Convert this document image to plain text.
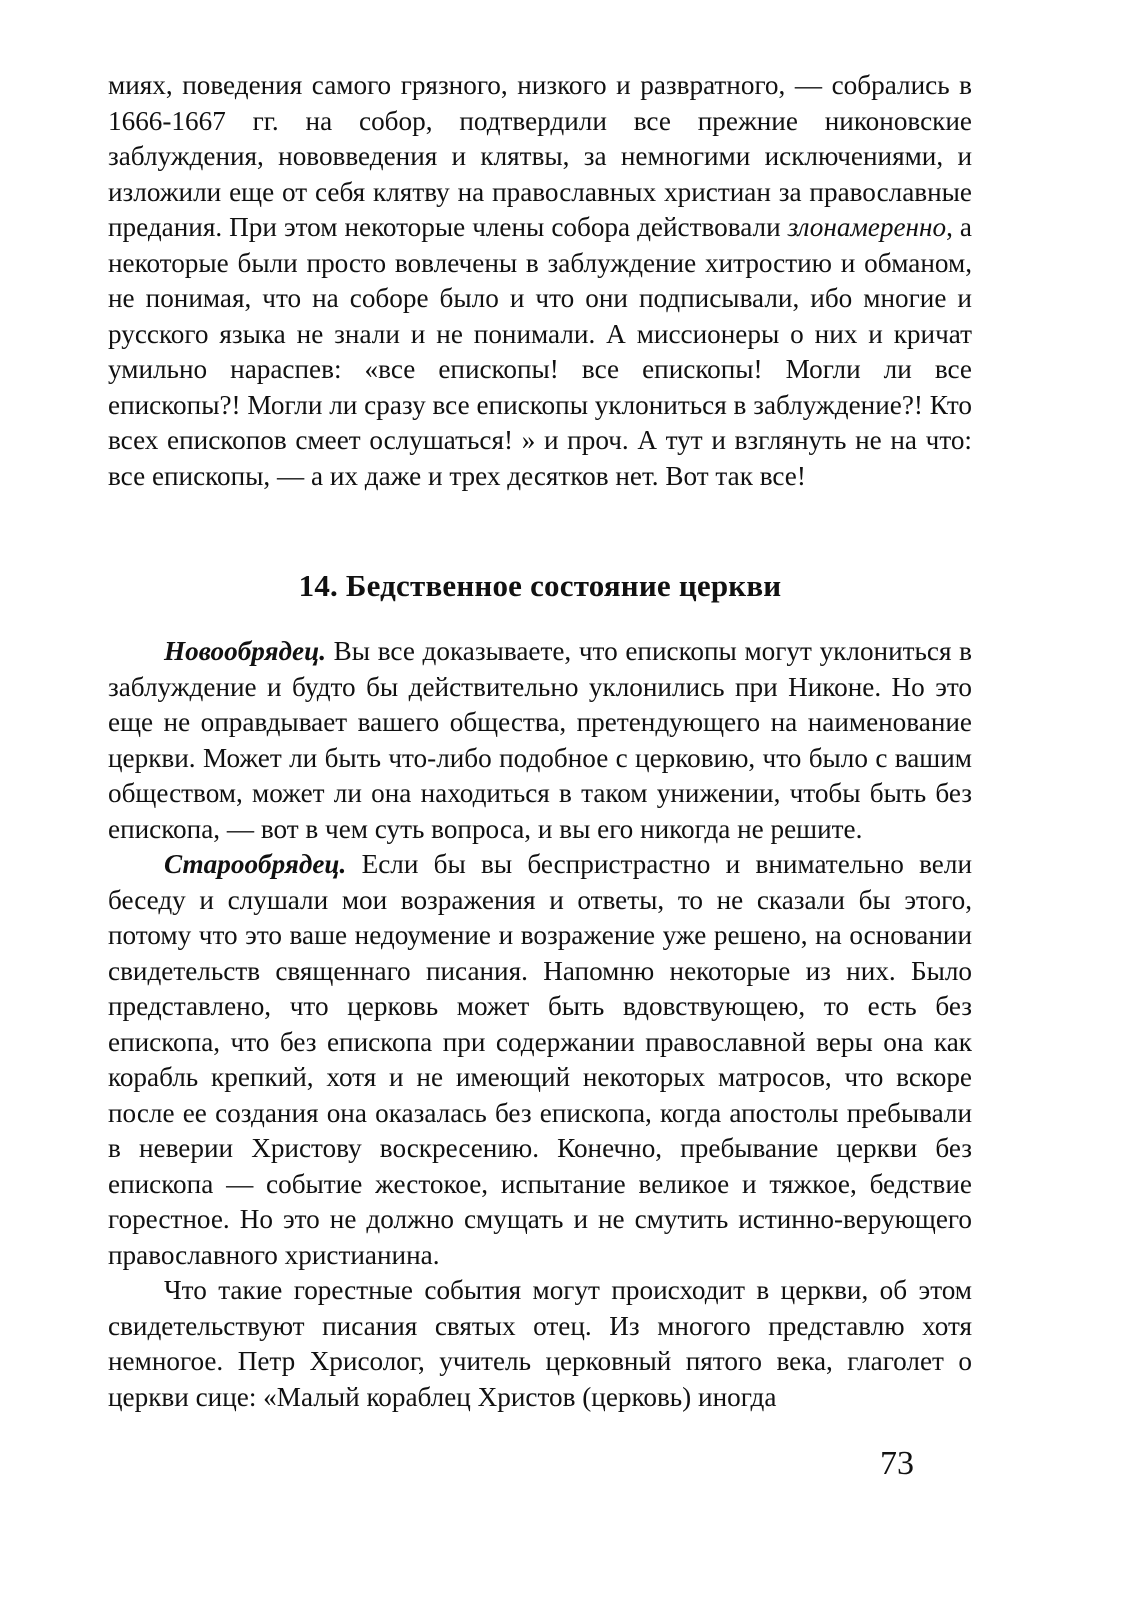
миях, поведения самого грязного, низкого и развратного, — собрались в 1666-1667 гг. на собор, подтвердили все прежние никоновские заблуждения, нововведения и клятвы, за немногими исключениями, и изложили еще от себя клятву на православных христиан за православные предания. При этом некоторые члены собора действовали злонамеренно, а некоторые были просто вовлечены в заблуждение хитростию и обманом, не понимая, что на соборе было и что они подписывали, ибо многие и русского языка не знали и не понимали. А миссионеры о них и кричат умильно нараспев: «все епископы! все епископы! Могли ли все епископы?! Могли ли сразу все епископы уклониться в заблуждение?! Кто всех епископов смеет ослушаться! » и проч. А тут и взглянуть не на что: все епископы, — а их даже и трех десятков нет. Вот так все!

14. Бедственное состояние церкви

Новообрядец. Вы все доказываете, что епископы могут уклониться в заблуждение и будто бы действительно уклонились при Никоне. Но это еще не оправдывает вашего общества, претендующего на наименование церкви. Может ли быть что-либо подобное с церковию, что было с вашим обществом, может ли она находиться в таком унижении, чтобы быть без епископа, — вот в чем суть вопроса, и вы его никогда не решите.

Старообрядец. Если бы вы беспристрастно и внимательно вели беседу и слушали мои возражения и ответы, то не сказали бы этого, потому что это ваше недоумение и возражение уже решено, на основании свидетельств священнаго писания. Напомню некоторые из них. Было представлено, что церковь может быть вдовствующею, то есть без епископа, что без епископа при содержании православной веры она как корабль крепкий, хотя и не имеющий некоторых матросов, что вскоре после ее создания она оказалась без епископа, когда апостолы пребывали в неверии Христову воскресению. Конечно, пребывание церкви без епископа — событие жестокое, испытание великое и тяжкое, бедствие горестное. Но это не должно смущать и не смутить истинно-верующего православного христианина.

Что такие горестные события могут происходит в церкви, об этом свидетельствуют писания святых отец. Из многого представлю хотя немногое. Петр Хрисолог, учитель церковный пятого века, глаголет о церкви сице: «Малый кораблец Христов (церковь) иногда

73
